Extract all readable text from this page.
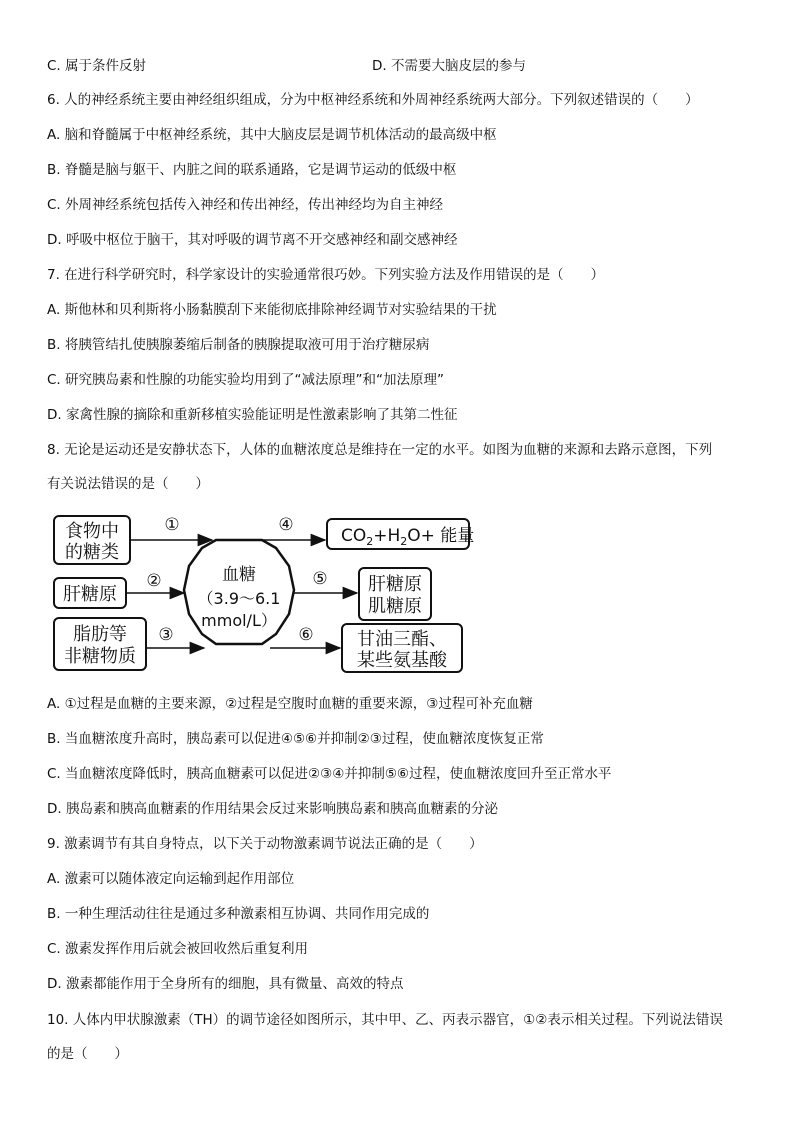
C. 属于条件反射	D. 不需要大脑皮层的参与
6. 人的神经系统主要由神经组织组成，分为中枢神经系统和外周神经系统两大部分。下列叙述错误的（　　）
A. 脑和脊髓属于中枢神经系统，其中大脑皮层是调节机体活动的最高级中枢
B. 脊髓是脑与躯干、内脏之间的联系通路，它是调节运动的低级中枢
C. 外周神经系统包括传入神经和传出神经，传出神经均为自主神经
D. 呼吸中枢位于脑干，其对呼吸的调节离不开交感神经和副交感神经
7. 在进行科学研究时，科学家设计的实验通常很巧妙。下列实验方法及作用错误的是（　　）
A. 斯他林和贝利斯将小肠黏膜刮下来能彻底排除神经调节对实验结果的干扰
B. 将胰管结扎使胰腺萎缩后制备的胰腺提取液可用于治疗糖尿病
C. 研究胰岛素和性腺的功能实验均用到了“减法原理”和“加法原理”
D. 家禽性腺的摘除和重新移植实验能证明是性激素影响了其第二性征
8. 无论是运动还是安静状态下，人体的血糖浓度总是维持在一定的水平。如图为血糖的来源和去路示意图，下列
有关说法错误的是（　　）
食物中
的糖类
肝糖原
脂肪等
非糖物质
血糖
（3.9～6.1
mmol/L）
$CO_2+H_2O+$ 能量
肝糖原
肌糖原
甘油三酯、
某些氨基酸
①
②
③
④
⑤
⑥
A. ①过程是血糖的主要来源，②过程是空腹时血糖的重要来源，③过程可补充血糖
B. 当血糖浓度升高时，胰岛素可以促进④⑤⑥并抑制②③过程，使血糖浓度恢复正常
C. 当血糖浓度降低时，胰高血糖素可以促进②③④并抑制⑤⑥过程，使血糖浓度回升至正常水平
D. 胰岛素和胰高血糖素的作用结果会反过来影响胰岛素和胰高血糖素的分泌
9. 激素调节有其自身特点，以下关于动物激素调节说法正确的是（　　）
A. 激素可以随体液定向运输到起作用部位
B. 一种生理活动往往是通过多种激素相互协调、共同作用完成的
C. 激素发挥作用后就会被回收然后重复利用
D. 激素都能作用于全身所有的细胞，具有微量、高效的特点
10. 人体内甲状腺激素（TH）的调节途径如图所示，其中甲、乙、丙表示器官，①②表示相关过程。下列说法错误
的是（　　）
